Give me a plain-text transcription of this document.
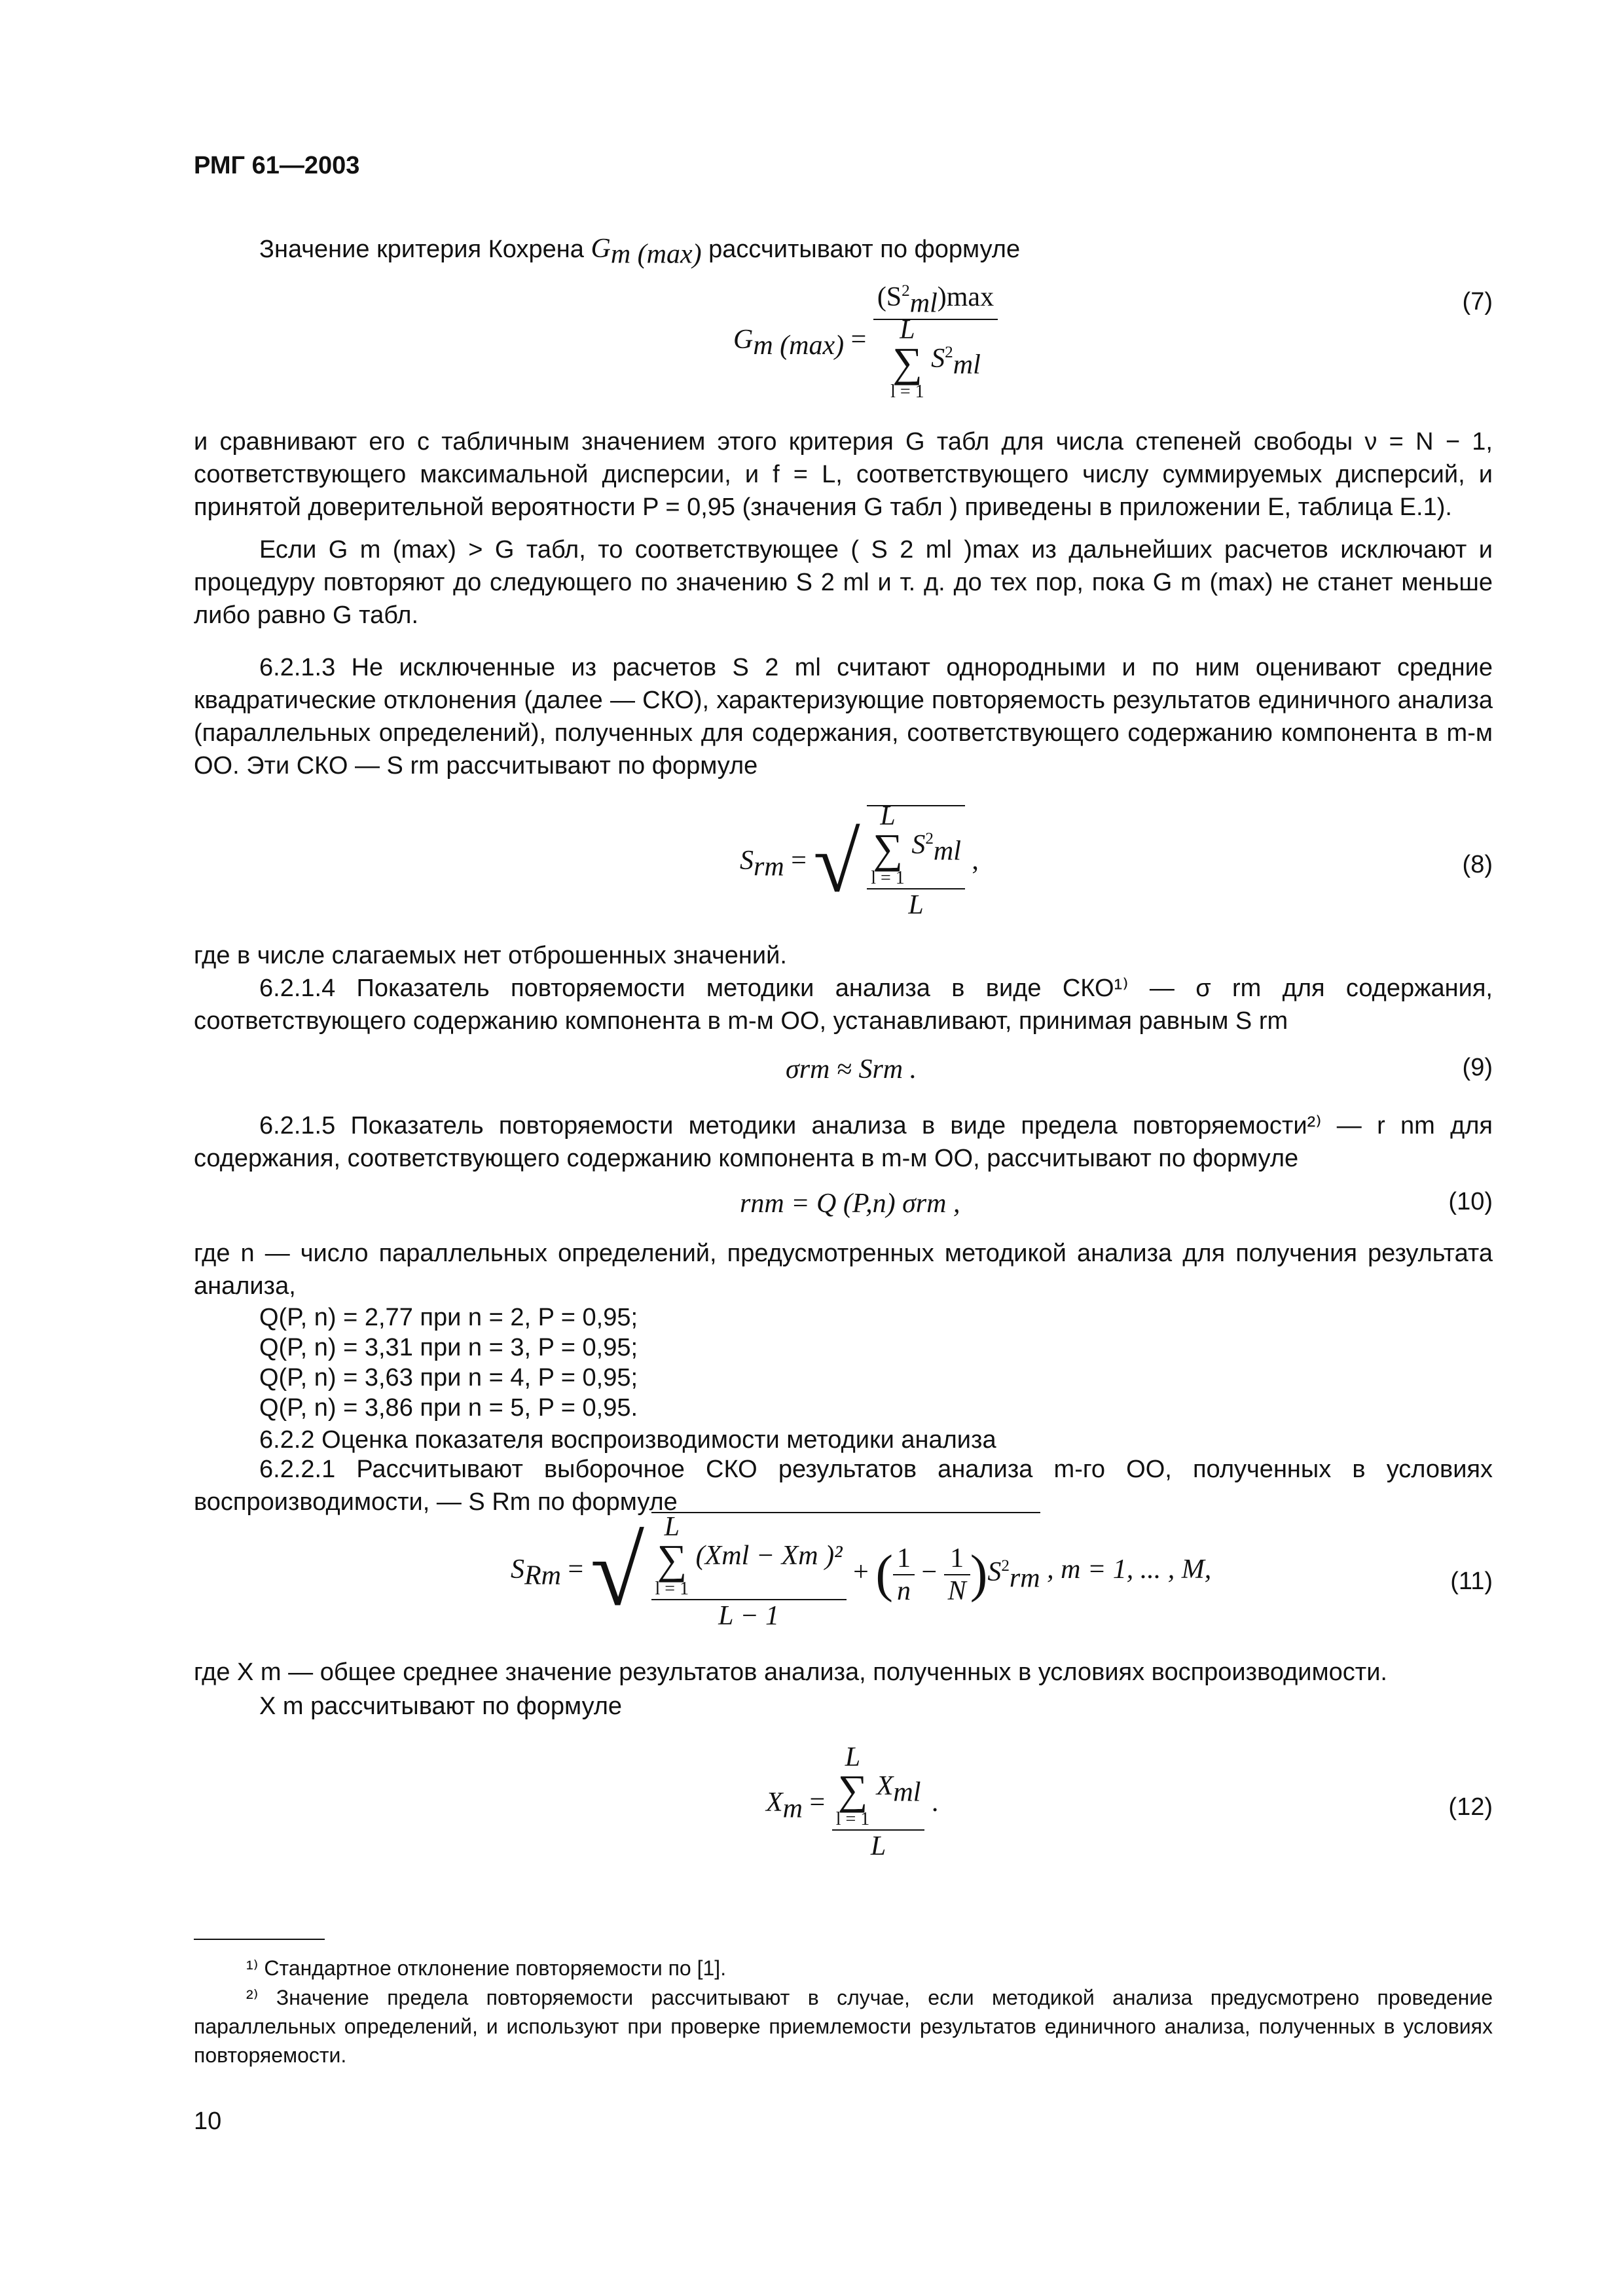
РМГ 61—2003
Значение критерия Кохрена $G_{m (max)}$ рассчитывают по формуле
$G_{m (max)}$ =
$(S^2_{ml})\max$
L
∑
l = 1 $S^2_{ml}$
(7)
и сравнивают его с табличным значением этого критерия G табл для числа степеней свободы ν = N − 1, соответствующего максимальной дисперсии, и f = L, соответствующего числу суммируемых дисперсий, и принятой доверительной вероятности P = 0,95 (значения G табл ) приведены в приложении Е, таблица Е.1).
Если G m (max) > G табл, то соответствующее ( S 2 ml )max из дальнейших расчетов исключают и процедуру повторяют до следующего по значению S 2 ml и т. д. до тех пор, пока G m (max) не станет меньше либо равно G табл.
6.2.1.3 Не исключенные из расчетов S 2 ml считают однородными и по ним оценивают средние квадратические отклонения (далее — СКО), характеризующие повторяемость результатов единичного анализа (параллельных определений), полученных для содержания, соответствующего содержанию компонента в m-м ОО. Эти СКО — S rm рассчитывают по формуле
$S_{rm}$ = √ L
∑
l = 1 $S^2_{ml}$
L
,	(8)
где в числе слагаемых нет отброшенных значений.
6.2.1.4 Показатель повторяемости методики анализа в виде СКО¹⁾ — σ rm для содержания, соответствующего содержанию компонента в m-м ОО, устанавливают, принимая равным S rm
σrm ≈ Srm .	(9)
6.2.1.5 Показатель повторяемости методики анализа в виде предела повторяемости²⁾ — r nm для содержания, соответствующего содержанию компонента в m-м ОО, рассчитывают по формуле
rnm = Q (P,n) σrm ,	(10)
где n — число параллельных определений, предусмотренных методикой анализа для получения результата анализа,
Q(P, n) = 2,77 при n = 2, P = 0,95;
Q(P, n) = 3,31 при n = 3, P = 0,95;
Q(P, n) = 3,63 при n = 4, P = 0,95;
Q(P, n) = 3,86 при n = 5, P = 0,95.
6.2.2 Оценка показателя воспроизводимости методики анализа
6.2.2.1 Рассчитывают выборочное СКО результатов анализа m-го ОО, полученных в условиях воспроизводимости, — S Rm по формуле
$S_{Rm}$ = √ L
∑
l = 1 (Xml − Xm )²
L − 1
+ ( $\frac{1}{n} - \frac{1}{N} )S^2_{rm}$ , m = 1, ... , M,	(11)
где X m — общее среднее значение результатов анализа, полученных в условиях воспроизводимости.
X m рассчитывают по формуле
$X_m$ =
L
∑
l = 1 $X_{ml}$
L
.	(12)
¹⁾ Стандартное отклонение повторяемости по [1].
²⁾ Значение предела повторяемости рассчитывают в случае, если методикой анализа предусмотрено проведение параллельных определений, и используют при проверке приемлемости результатов единичного анализа, полученных в условиях повторяемости.
10
